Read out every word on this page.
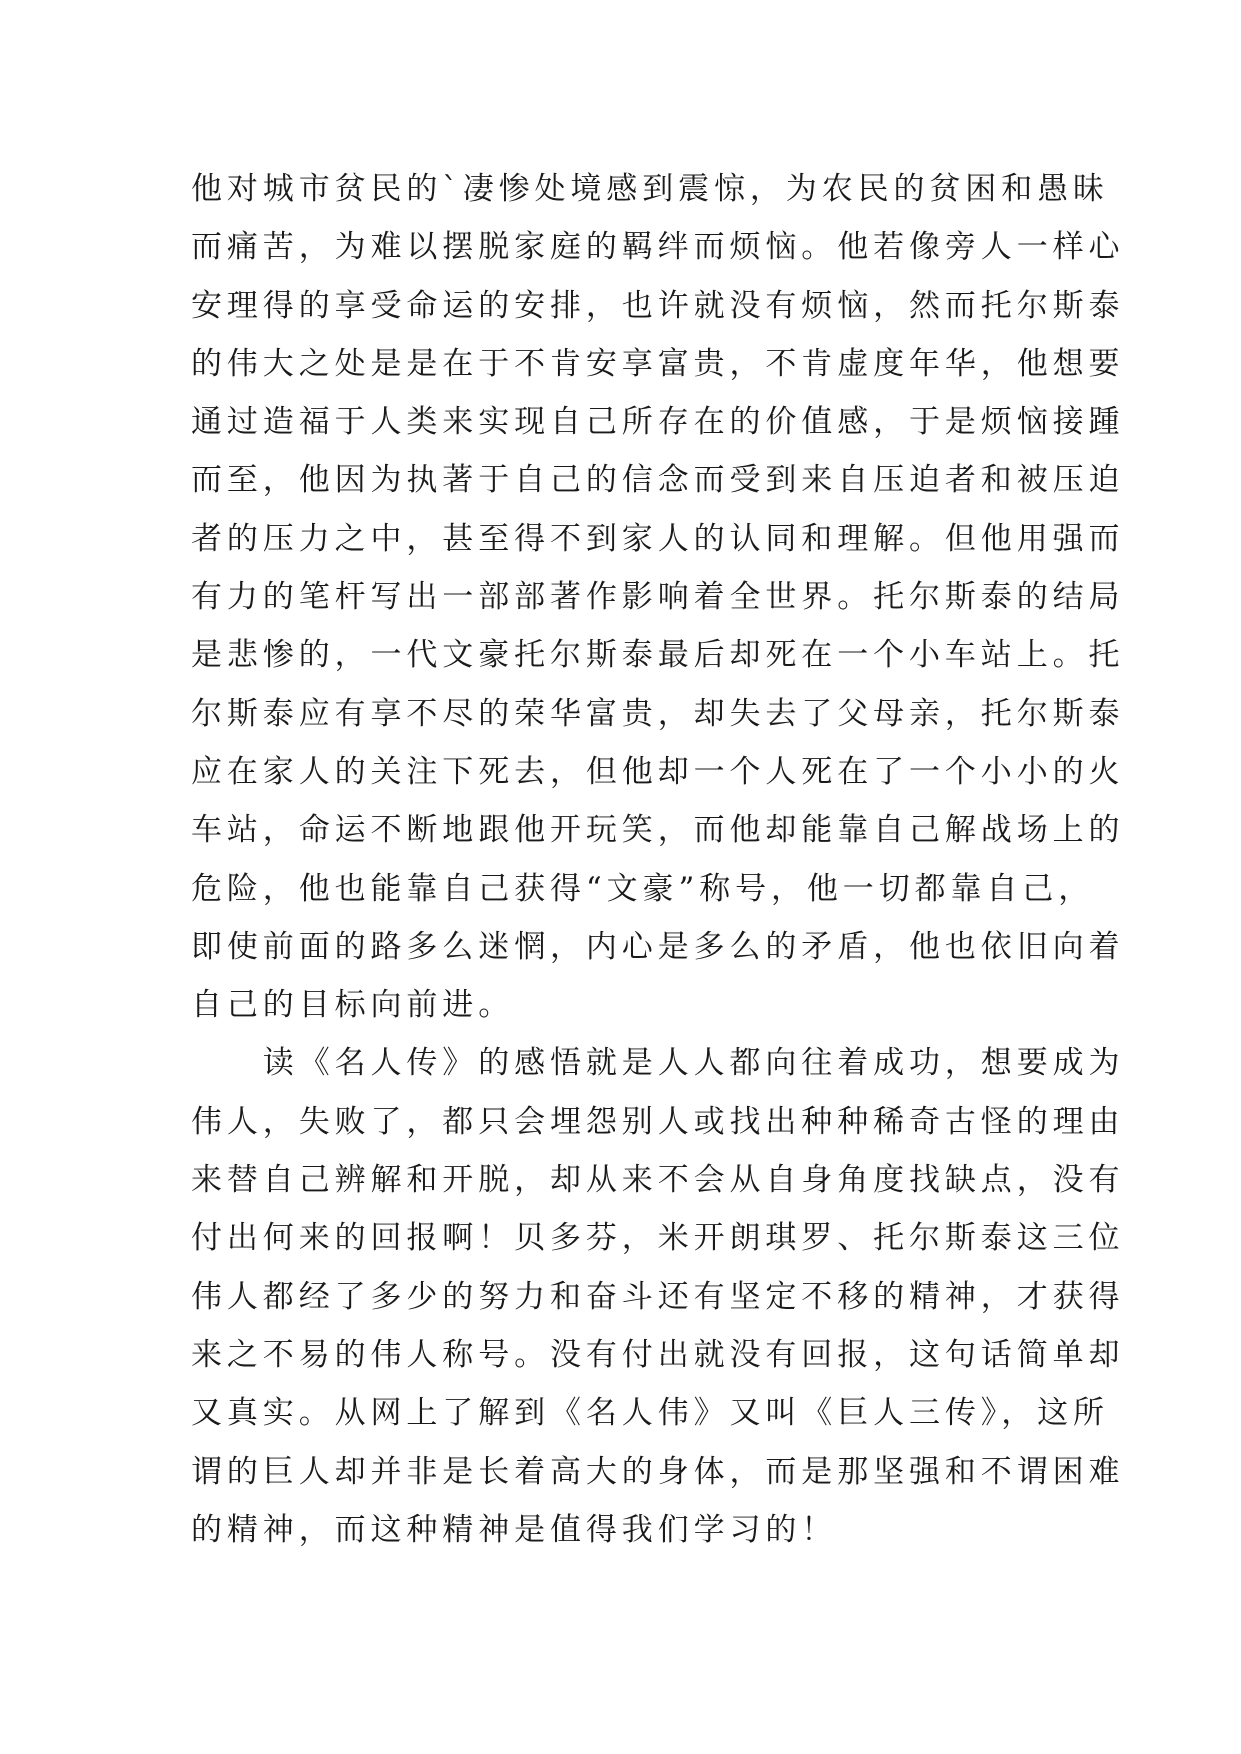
他对城市贫民的`凄惨处境感到震惊，为农民的贫困和愚昧
而痛苦，为难以摆脱家庭的羁绊而烦恼。他若像旁人一样心
安理得的享受命运的安排，也许就没有烦恼，然而托尔斯泰
的伟大之处是是在于不肯安享富贵，不肯虚度年华，他想要
通过造福于人类来实现自己所存在的价值感，于是烦恼接踵
而至，他因为执著于自己的信念而受到来自压迫者和被压迫
者的压力之中，甚至得不到家人的认同和理解。但他用强而
有力的笔杆写出一部部著作影响着全世界。托尔斯泰的结局
是悲惨的，一代文豪托尔斯泰最后却死在一个小车站上。托
尔斯泰应有享不尽的荣华富贵，却失去了父母亲，托尔斯泰
应在家人的关注下死去，但他却一个人死在了一个小小的火
车站，命运不断地跟他开玩笑，而他却能靠自己解战场上的
危险，他也能靠自己获得“文豪”称号，他一切都靠自己，
即使前面的路多么迷惘，内心是多么的矛盾，他也依旧向着
自己的目标向前进。
　　读《名人传》的感悟就是人人都向往着成功，想要成为
伟人，失败了，都只会埋怨别人或找出种种稀奇古怪的理由
来替自己辨解和开脱，却从来不会从自身角度找缺点，没有
付出何来的回报啊！贝多芬，米开朗琪罗、托尔斯泰这三位
伟人都经了多少的努力和奋斗还有坚定不移的精神，才获得
来之不易的伟人称号。没有付出就没有回报，这句话简单却
又真实。从网上了解到《名人伟》又叫《巨人三传》，这所
谓的巨人却并非是长着高大的身体，而是那坚强和不谓困难
的精神，而这种精神是值得我们学习的！
